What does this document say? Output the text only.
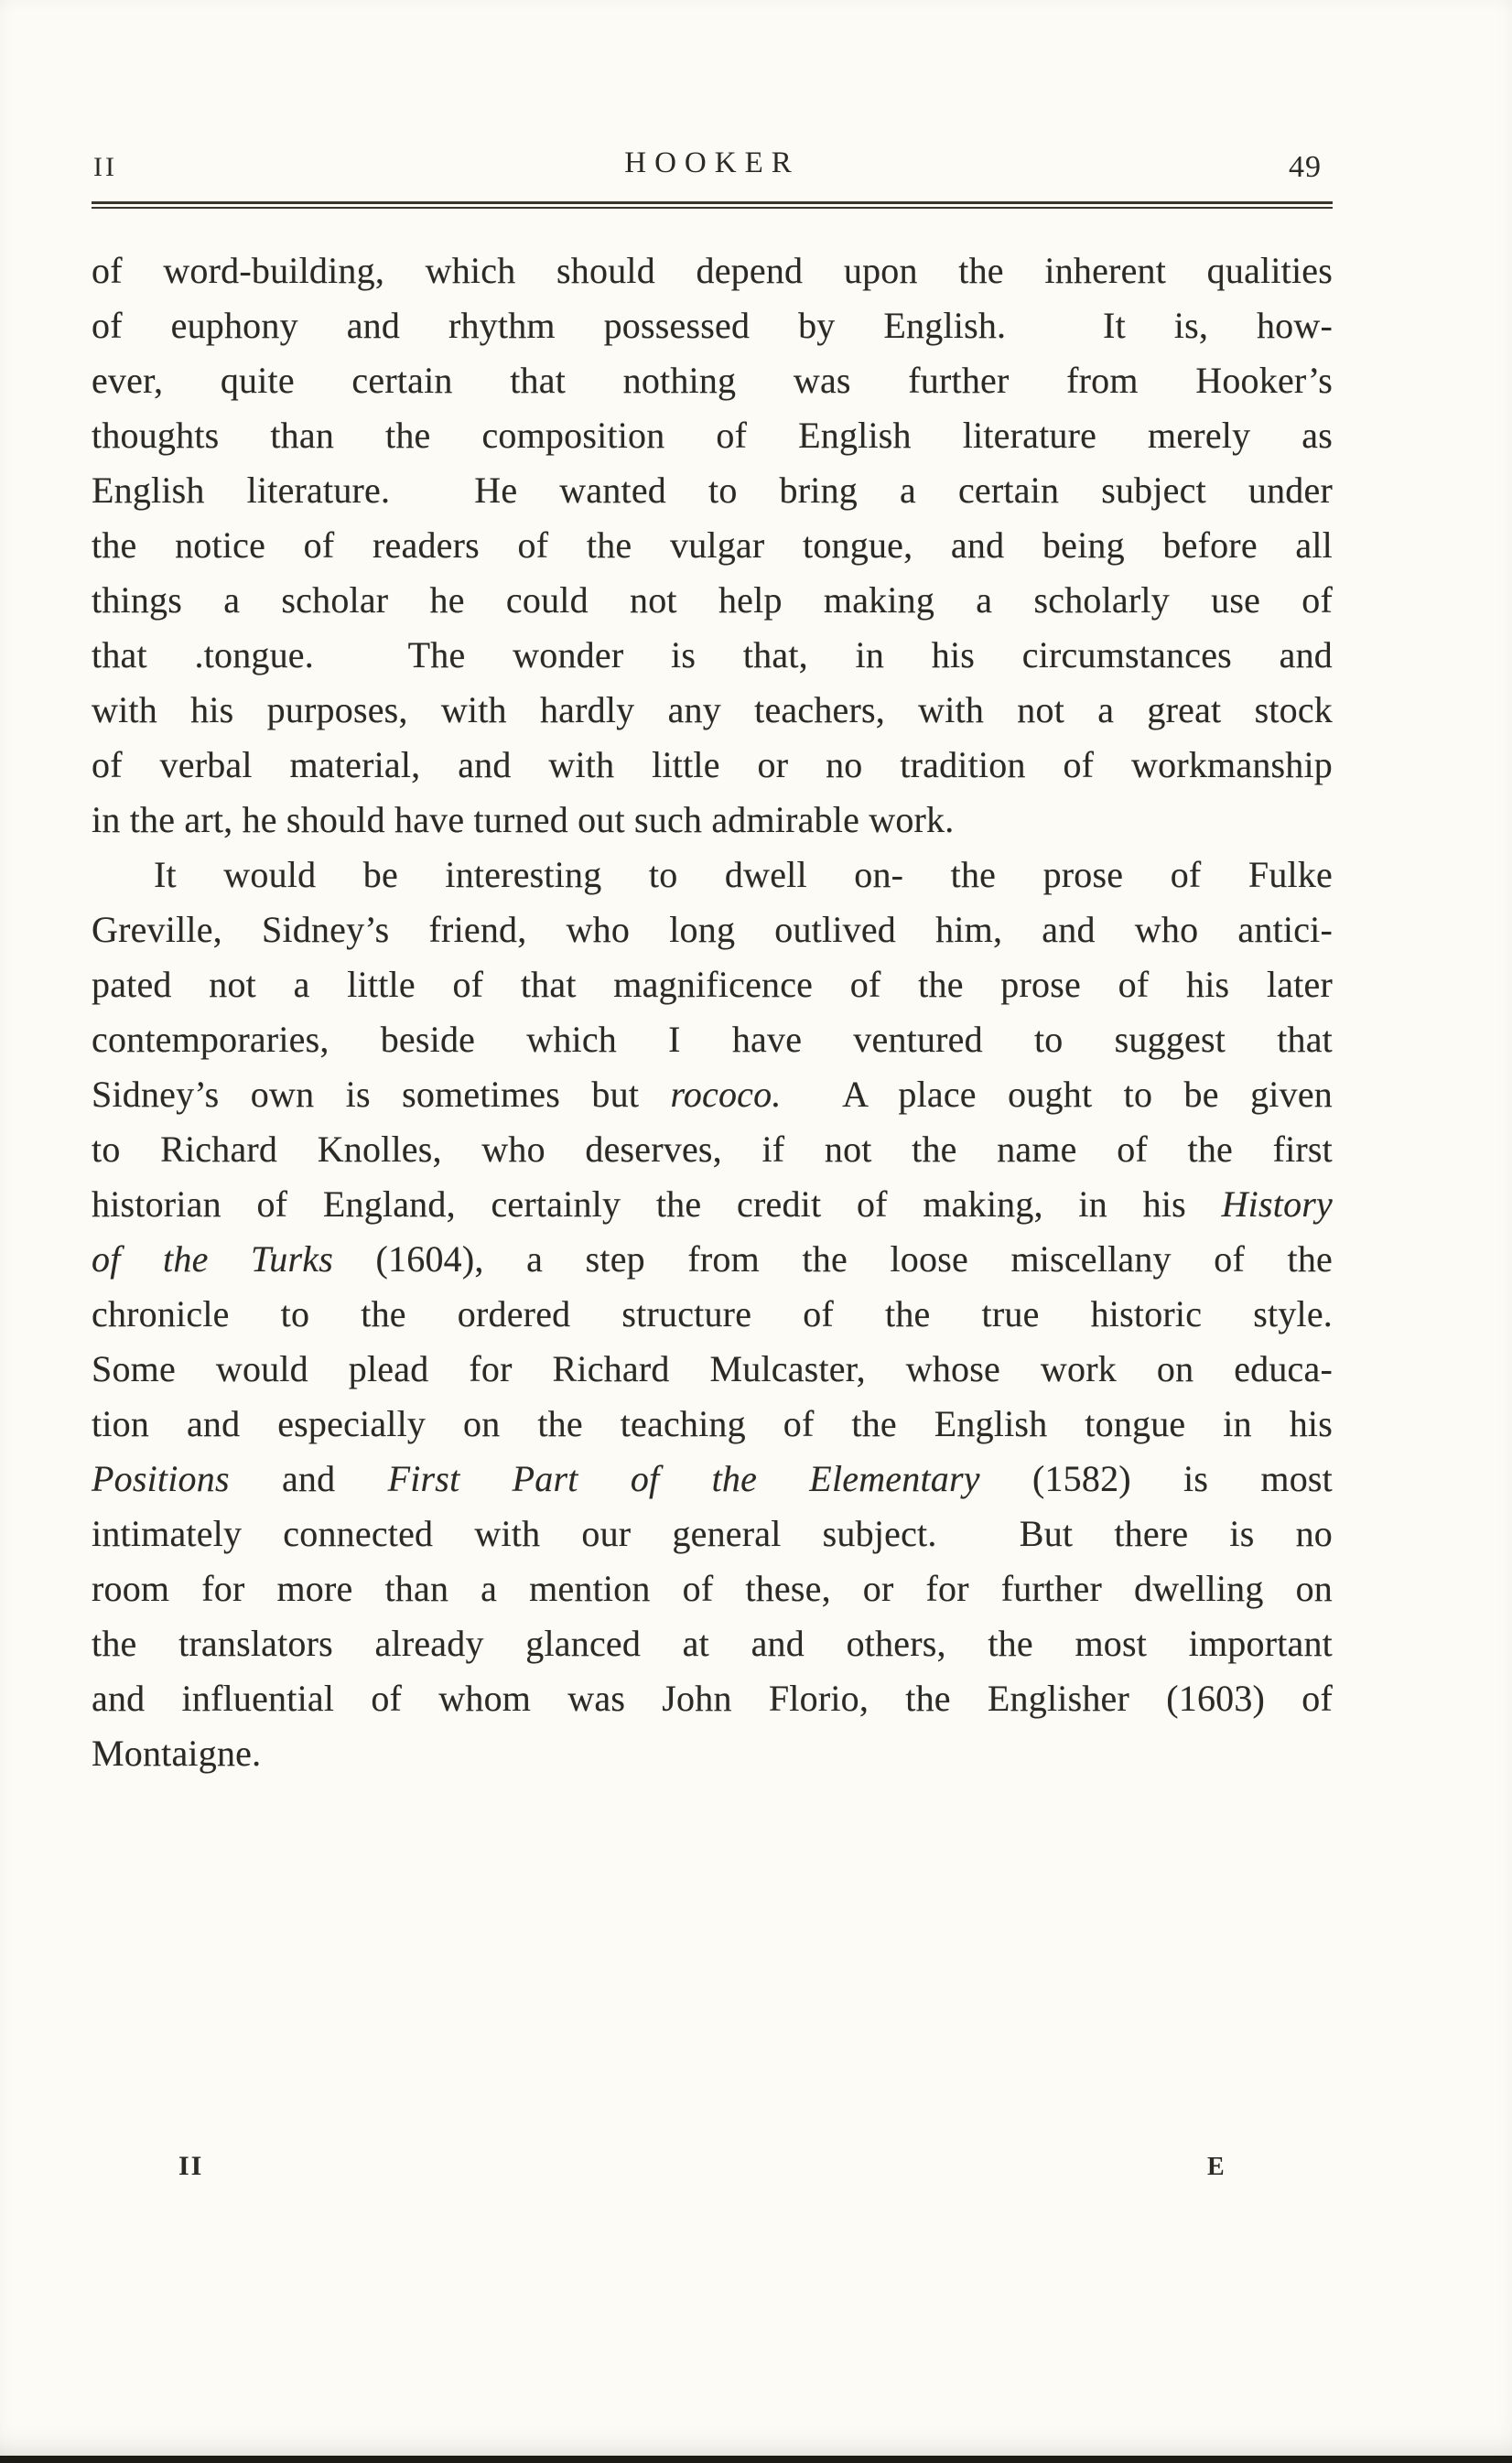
II	HOOKER	49
of word-building, which should depend upon the inherent qualities
of euphony and rhythm possessed by English.  It is, how-
ever, quite certain that nothing was further from Hooker’s
thoughts than the composition of English literature merely as
English literature.  He wanted to bring a certain subject under
the notice of readers of the vulgar tongue, and being before all
things a scholar he could not help making a scholarly use of
that .tongue.  The wonder is that, in his circumstances and
with his purposes, with hardly any teachers, with not a great stock
of verbal material, and with little or no tradition of workmanship
in the art, he should have turned out such admirable work.
It would be interesting to dwell on- the prose of Fulke
Greville, Sidney’s friend, who long outlived him, and who antici-
pated not a little of that magnificence of the prose of his later
contemporaries, beside which I have ventured to suggest that
Sidney’s own is sometimes but rococo.  A place ought to be given
to Richard Knolles, who deserves, if not the name of the first
historian of England, certainly the credit of making, in his History
of the Turks (1604), a step from the loose miscellany of the
chronicle to the ordered structure of the true historic style.
Some would plead for Richard Mulcaster, whose work on educa-
tion and especially on the teaching of the English tongue in his
Positions and First Part of the Elementary (1582) is most
intimately connected with our general subject.  But there is no
room for more than a mention of these, or for further dwelling on
the translators already glanced at and others, the most important
and influential of whom was John Florio, the Englisher (1603) of
Montaigne.
II	E
